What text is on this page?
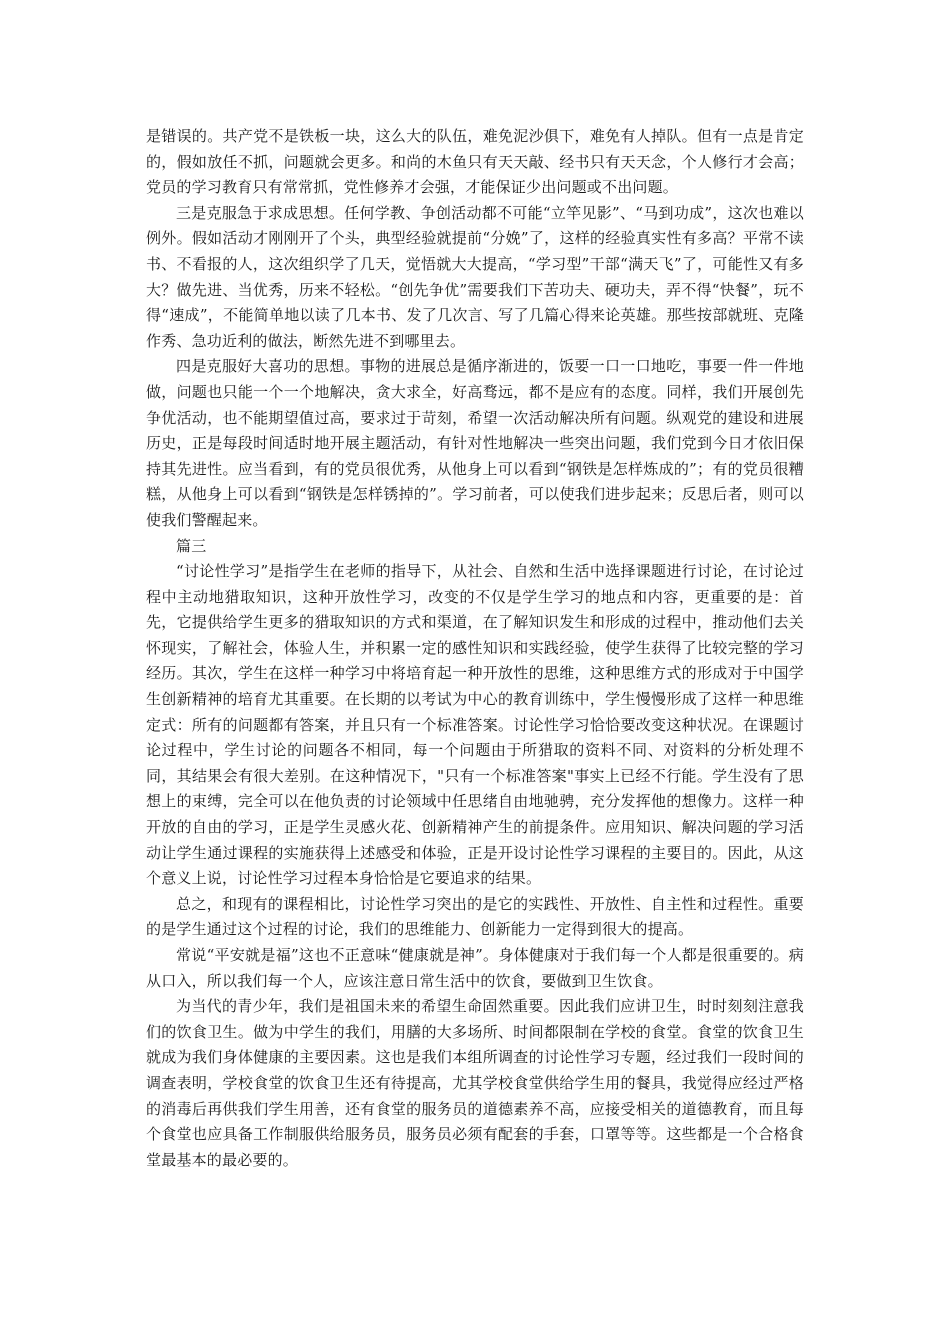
是错误的。共产党不是铁板一块，这么大的队伍，难免泥沙俱下，难免有人掉队。但有一点是肯定的，假如放任不抓，问题就会更多。和尚的木鱼只有天天敲、经书只有天天念，个人修行才会高；党员的学习教育只有常常抓，党性修养才会强，才能保证少出问题或不出问题。

三是克服急于求成思想。任何学教、争创活动都不可能“立竿见影”、“马到功成”，这次也难以例外。假如活动才刚刚开了个头，典型经验就提前“分娩”了，这样的经验真实性有多高？平常不读书、不看报的人，这次组织学了几天，觉悟就大大提高，“学习型”干部“满天飞”了，可能性又有多大？做先进、当优秀，历来不轻松。“创先争优”需要我们下苦功夫、硬功夫，弄不得“快餐”，玩不得“速成”，不能简单地以读了几本书、发了几次言、写了几篇心得来论英雄。那些按部就班、克隆作秀、急功近利的做法，断然先进不到哪里去。

四是克服好大喜功的思想。事物的进展总是循序渐进的，饭要一口一口地吃，事要一件一件地做，问题也只能一个一个地解决，贪大求全，好高骛远，都不是应有的态度。同样，我们开展创先争优活动，也不能期望值过高，要求过于苛刻，希望一次活动解决所有问题。纵观党的建设和进展历史，正是每段时间适时地开展主题活动，有针对性地解决一些突出问题，我们党到今日才依旧保持其先进性。应当看到，有的党员很优秀，从他身上可以看到“钢铁是怎样炼成的”；有的党员很糟糕，从他身上可以看到“钢铁是怎样锈掉的”。学习前者，可以使我们进步起来；反思后者，则可以使我们警醒起来。

篇三

“讨论性学习”是指学生在老师的指导下，从社会、自然和生活中选择课题进行讨论，在讨论过程中主动地猎取知识，这种开放性学习，改变的不仅是学生学习的地点和内容，更重要的是：首先，它提供给学生更多的猎取知识的方式和渠道，在了解知识发生和形成的过程中，推动他们去关怀现实，了解社会，体验人生，并积累一定的感性知识和实践经验，使学生获得了比较完整的学习经历。其次，学生在这样一种学习中将培育起一种开放性的思维，这种思维方式的形成对于中国学生创新精神的培育尤其重要。在长期的以考试为中心的教育训练中，学生慢慢形成了这样一种思维定式：所有的问题都有答案，并且只有一个标准答案。讨论性学习恰恰要改变这种状况。在课题讨论过程中，学生讨论的问题各不相同，每一个问题由于所猎取的资料不同、对资料的分析处理不同，其结果会有很大差别。在这种情况下，"只有一个标准答案"事实上已经不行能。学生没有了思想上的束缚，完全可以在他负责的讨论领域中任思绪自由地驰骋，充分发挥他的想像力。这样一种开放的自由的学习，正是学生灵感火花、创新精神产生的前提条件。应用知识、解决问题的学习活动让学生通过课程的实施获得上述感受和体验，正是开设讨论性学习课程的主要目的。因此，从这个意义上说，讨论性学习过程本身恰恰是它要追求的结果。

总之，和现有的课程相比，讨论性学习突出的是它的实践性、开放性、自主性和过程性。重要的是学生通过这个过程的讨论，我们的思维能力、创新能力一定得到很大的提高。

常说“平安就是福”这也不正意味“健康就是神”。身体健康对于我们每一个人都是很重要的。病从口入，所以我们每一个人，应该注意日常生活中的饮食，要做到卫生饮食。

为当代的青少年，我们是祖国未来的希望生命固然重要。因此我们应讲卫生，时时刻刻注意我们的饮食卫生。做为中学生的我们，用膳的大多场所、时间都限制在学校的食堂。食堂的饮食卫生就成为我们身体健康的主要因素。这也是我们本组所调查的讨论性学习专题，经过我们一段时间的调查表明，学校食堂的饮食卫生还有待提高，尤其学校食堂供给学生用的餐具，我觉得应经过严格的消毒后再供我们学生用善，还有食堂的服务员的道德素养不高，应接受相关的道德教育，而且每个食堂也应具备工作制服供给服务员，服务员必须有配套的手套，口罩等等。这些都是一个合格食堂最基本的最必要的。
